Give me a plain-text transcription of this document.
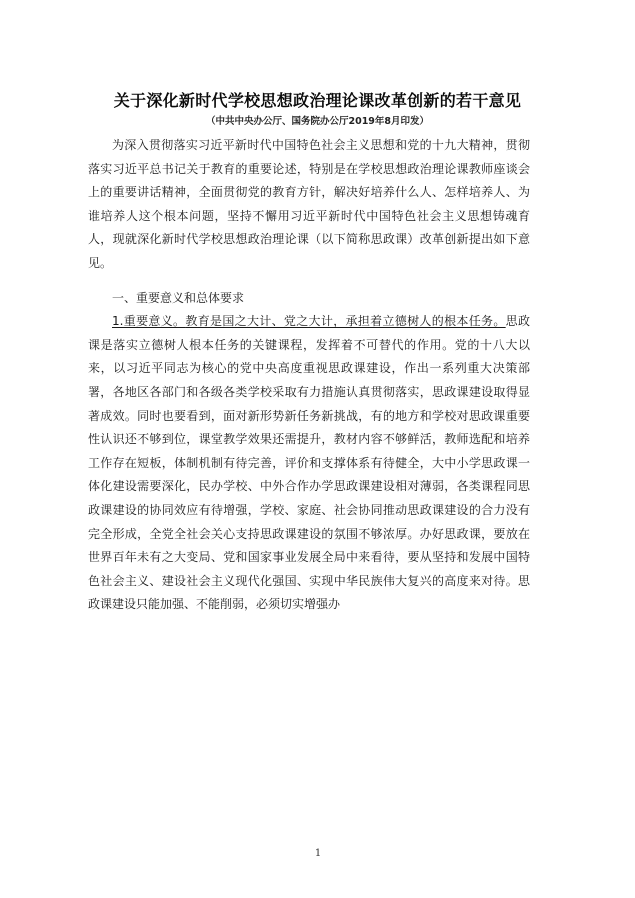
关于深化新时代学校思想政治理论课改革创新的若干意见
（中共中央办公厅、国务院办公厅2019年8月印发）

为深入贯彻落实习近平新时代中国特色社会主义思想和党的十九大精神，贯彻落实习近平总书记关于教育的重要论述，特别是在学校思想政治理论课教师座谈会上的重要讲话精神，全面贯彻党的教育方针，解决好培养什么人、怎样培养人、为谁培养人这个根本问题，坚持不懈用习近平新时代中国特色社会主义思想铸魂育人，现就深化新时代学校思想政治理论课（以下简称思政课）改革创新提出如下意见。

一、重要意义和总体要求

1.重要意义。教育是国之大计、党之大计，承担着立德树人的根本任务。思政课是落实立德树人根本任务的关键课程，发挥着不可替代的作用。党的十八大以来，以习近平同志为核心的党中央高度重视思政课建设，作出一系列重大决策部署，各地区各部门和各级各类学校采取有力措施认真贯彻落实，思政课建设取得显著成效。同时也要看到，面对新形势新任务新挑战，有的地方和学校对思政课重要性认识还不够到位，课堂教学效果还需提升，教材内容不够鲜活，教师选配和培养工作存在短板，体制机制有待完善，评价和支撑体系有待健全，大中小学思政课一体化建设需要深化，民办学校、中外合作办学思政课建设相对薄弱，各类课程同思政课建设的协同效应有待增强，学校、家庭、社会协同推动思政课建设的合力没有完全形成，全党全社会关心支持思政课建设的氛围不够浓厚。办好思政课，要放在世界百年未有之大变局、党和国家事业发展全局中来看待，要从坚持和发展中国特色社会主义、建设社会主义现代化强国、实现中华民族伟大复兴的高度来对待。思政课建设只能加强、不能削弱，必须切实增强办

1
